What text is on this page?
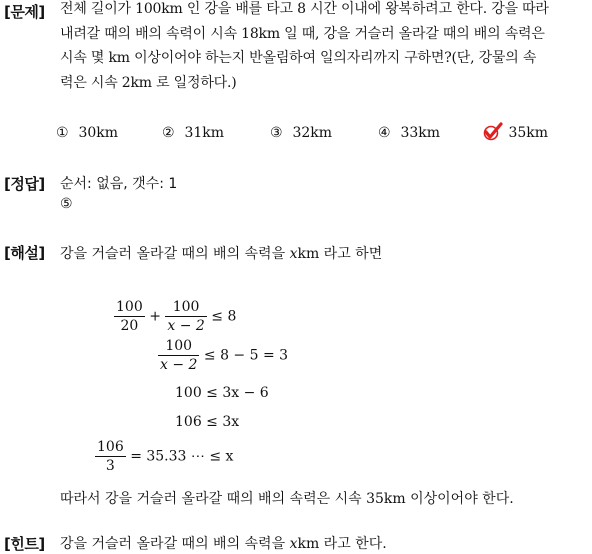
[문제] 전체 길이가 100km 인 강을 배를 타고 8 시간 이내에 왕복하려고 한다. 강을 따라

내려갈 때의 배의 속력이 시속 18km 일 때, 강을 거슬러 올라갈 때의 배의 속력은

시속 몇 km 이상이어야 하는지 반올림하여 일의자리까지 구하면?(단, 강물의 속

력은 시속 2km 로 일정하다.)

① 30km	② 31km	③ 32km	④ 33km	⑤ 35km
[정답] 순서: 없음, 갯수: 1
⑤
[해설] 강을 거슬러 올라갈 때의 배의 속력을 xkm 라고 하면
$\frac{100}{20} + \frac{100}{x - 2} \le 8$
$\frac{100}{x - 2} \le 8 - 5 = 3$
100 ≤ 3x − 6
106 ≤ 3x
$\frac{106}{3} = 35.33$ ⋯ ≤ x
따라서 강을 거슬러 올라갈 때의 배의 속력은 시속 35km 이상이어야 한다.
[힌트] 강을 거슬러 올라갈 때의 배의 속력을 xkm 라고 한다.
